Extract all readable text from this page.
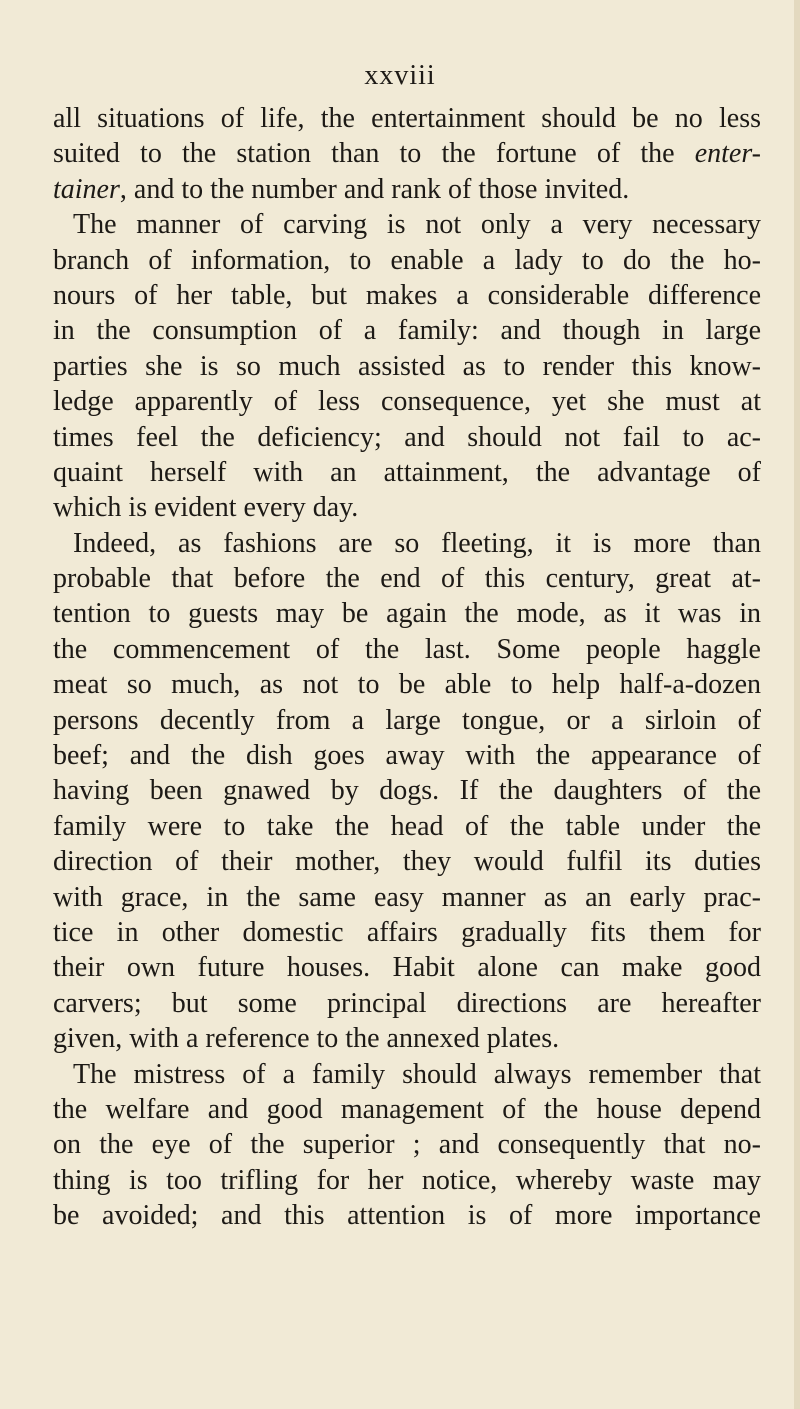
xxviii
all situations of life, the entertainment should be no less
suited to the station than to the fortune of the enter-
tainer, and to the number and rank of those invited.
The manner of carving is not only a very necessary
branch of information, to enable a lady to do the ho-
nours of her table, but makes a considerable difference
in the consumption of a family: and though in large
parties she is so much assisted as to render this know-
ledge apparently of less consequence, yet she must at
times feel the deficiency; and should not fail to ac-
quaint herself with an attainment, the advantage of
which is evident every day.
Indeed, as fashions are so fleeting, it is more than
probable that before the end of this century, great at-
tention to guests may be again the mode, as it was in
the commencement of the last. Some people haggle
meat so much, as not to be able to help half-a-dozen
persons decently from a large tongue, or a sirloin of
beef; and the dish goes away with the appearance of
having been gnawed by dogs. If the daughters of the
family were to take the head of the table under the
direction of their mother, they would fulfil its duties
with grace, in the same easy manner as an early prac-
tice in other domestic affairs gradually fits them for
their own future houses. Habit alone can make good
carvers; but some principal directions are hereafter
given, with a reference to the annexed plates.
The mistress of a family should always remember that
the welfare and good management of the house depend
on the eye of the superior ; and consequently that no-
thing is too trifling for her notice, whereby waste may
be avoided; and this attention is of more importance
